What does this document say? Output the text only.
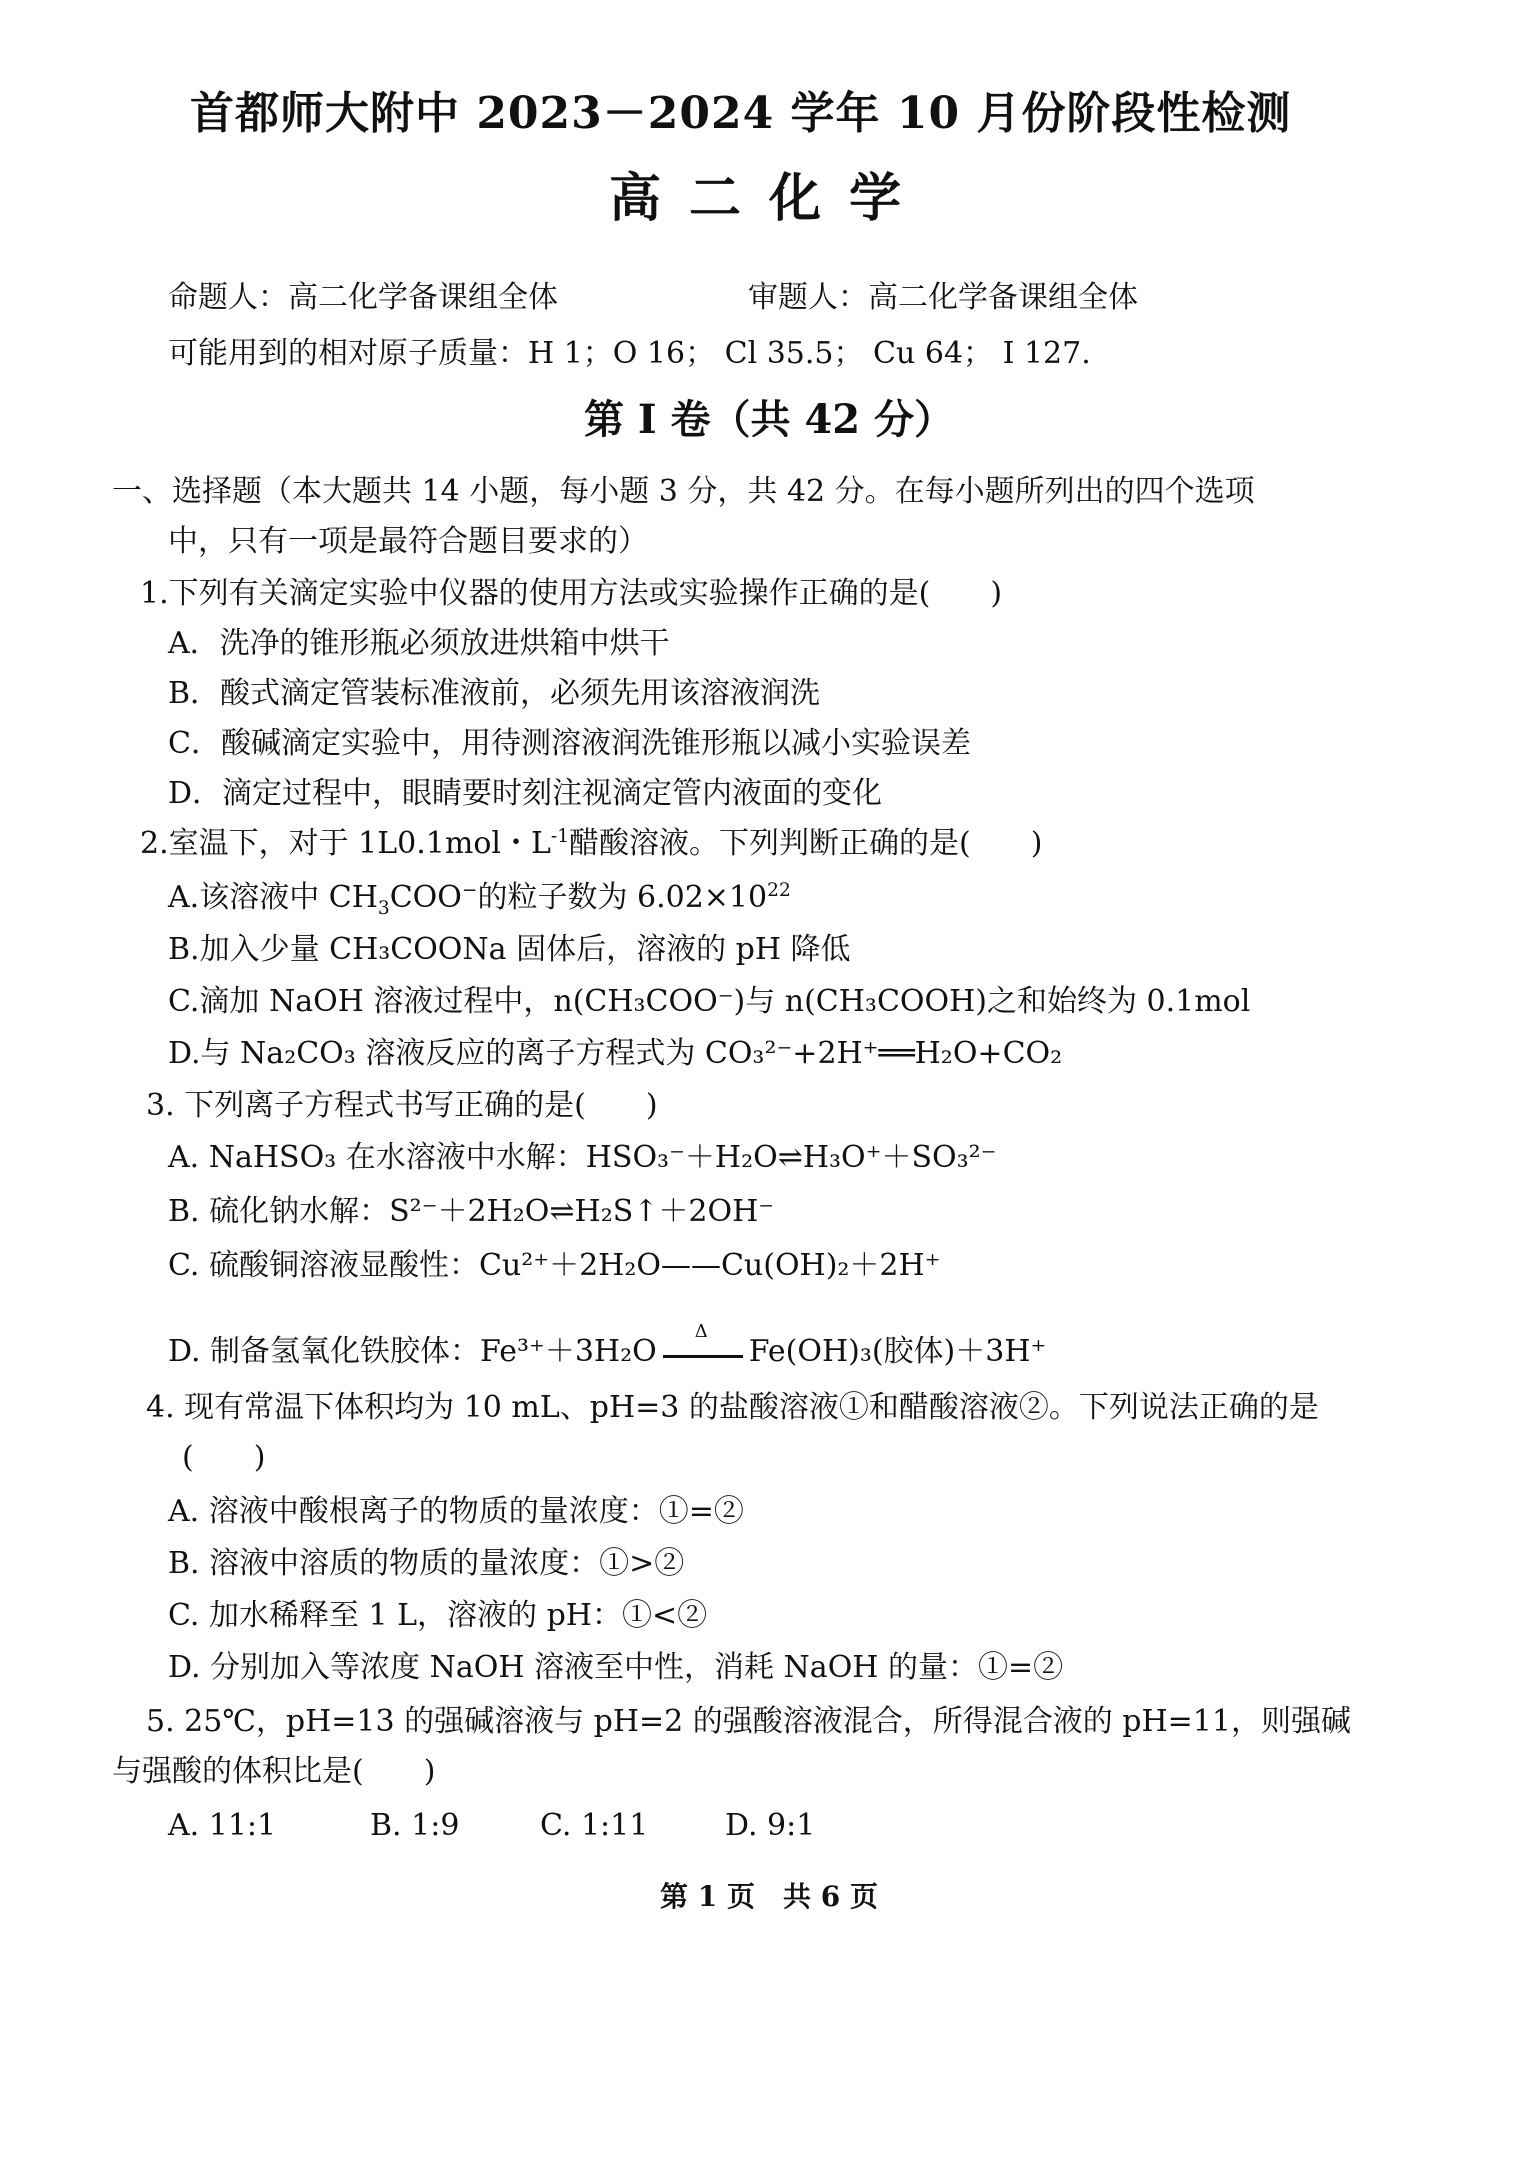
首都师大附中 2023－2024 学年 10 月份阶段性检测
高二化学
命题人：高二化学备课组全体	审题人：高二化学备课组全体
可能用到的相对原子质量：H 1；O 16； Cl 35.5； Cu 64； I 127.
第 I 卷（共 42 分）
一、选择题（本大题共 14 小题，每小题 3 分，共 42 分。在每小题所列出的四个选项
中，只有一项是最符合题目要求的）
1.下列有关滴定实验中仪器的使用方法或实验操作正确的是(　　)
A．洗净的锥形瓶必须放进烘箱中烘干
B．酸式滴定管装标准液前，必须先用该溶液润洗
C．酸碱滴定实验中，用待测溶液润洗锥形瓶以减小实验误差
D．滴定过程中，眼睛要时刻注视滴定管内液面的变化
2.室温下，对于 1L0.1mol・$L^{-1}$醋酸溶液。下列判断正确的是(　　)
A.该溶液中 $CH_3COO^-$的粒子数为 $6.02\times 10^{22}$
B.加入少量 CH₃COONa 固体后，溶液的 pH 降低
C.滴加 NaOH 溶液过程中，n(CH₃COO⁻)与 n(CH₃COOH)之和始终为 0.1mol
D.与 Na₂CO₃ 溶液反应的离子方程式为 CO₃²⁻+2H⁺══H₂O+CO₂
3. 下列离子方程式书写正确的是(　　)
A. NaHSO₃ 在水溶液中水解：HSO₃⁻＋H₂O⇌H₃O⁺＋SO₃²⁻
B. 硫化钠水解：S²⁻＋2H₂O⇌H₂S↑＋2OH⁻
C. 硫酸铜溶液显酸性：Cu²⁺＋2H₂O——Cu(OH)₂＋2H⁺
D. 制备氢氧化铁胶体：Fe³⁺＋3H₂O
Δ
Fe(OH)₃(胶体)＋3H⁺
4. 现有常温下体积均为 10 mL、pH=3 的盐酸溶液①和醋酸溶液②。下列说法正确的是
(　　)
A. 溶液中酸根离子的物质的量浓度：①=②
B. 溶液中溶质的物质的量浓度：①>②
C. 加水稀释至 1 L，溶液的 pH：①<②
D. 分别加入等浓度 NaOH 溶液至中性，消耗 NaOH 的量：①=②
5. 25℃，pH=13 的强碱溶液与 pH=2 的强酸溶液混合，所得混合液的 pH=11，则强碱
与强酸的体积比是(　　)
A. 11:1	B. 1:9	C. 1:11	D. 9:1
第 1 页　共 6 页
